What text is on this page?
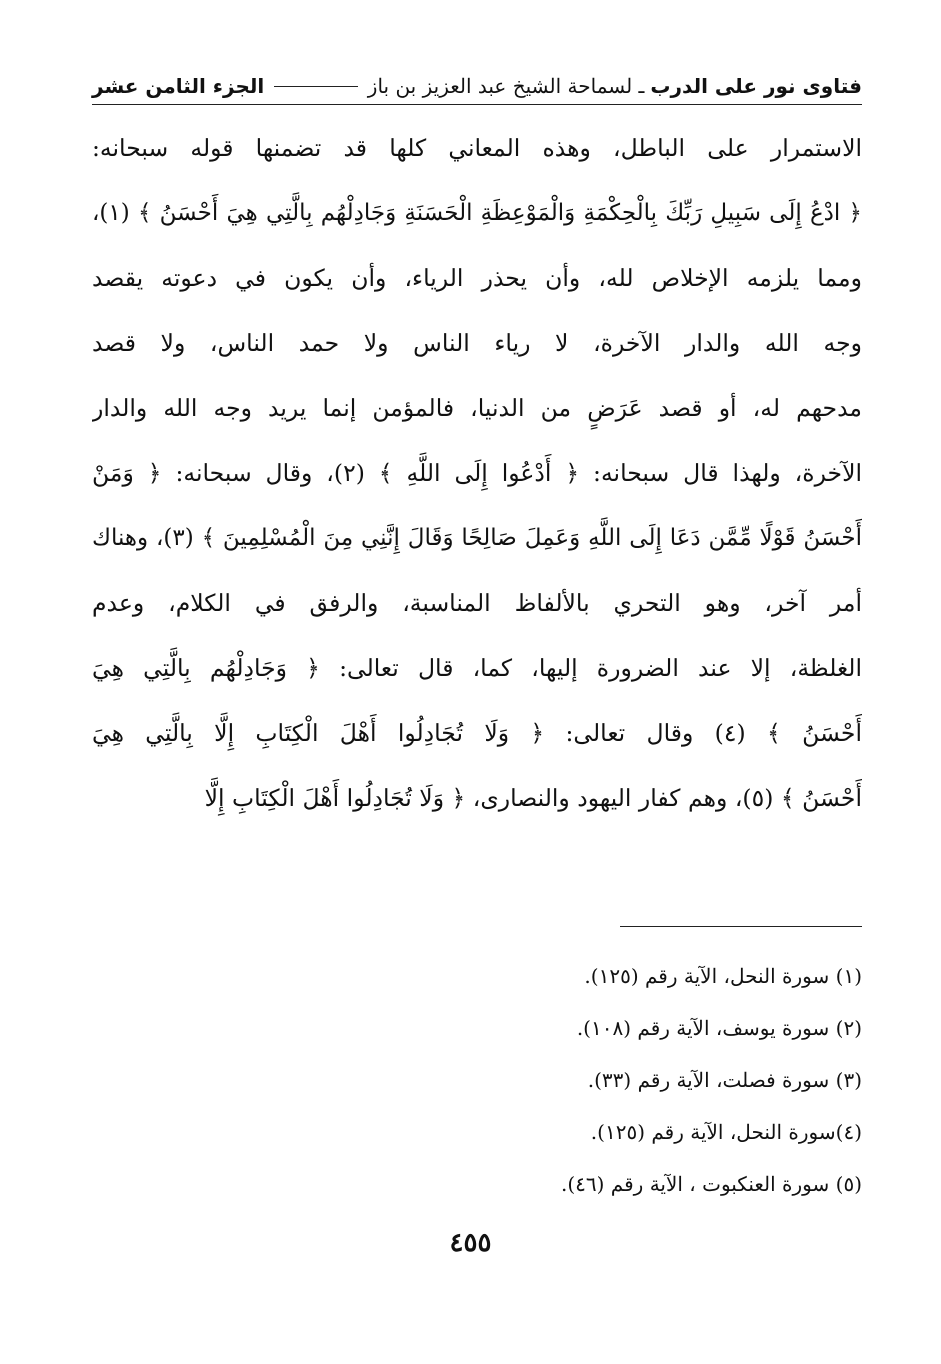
فتاوى نور على الدرب
ـ لسماحة الشيخ عبد العزيز بن باز
الجزء الثامن عشر
الاستمرار على الباطل، وهذه المعاني كلها قد تضمنها قوله سبحانه:
﴿ ادْعُ إِلَى سَبِيلِ رَبِّكَ بِالْحِكْمَةِ وَالْمَوْعِظَةِ الْحَسَنَةِ وَجَادِلْهُم بِالَّتِي هِيَ أَحْسَنُ ﴾ (١)،
ومما يلزمه الإخلاص لله، وأن يحذر الرياء، وأن يكون في دعوته يقصد
وجه الله والدار الآخرة، لا رياء الناس ولا حمد الناس، ولا قصد
مدحهم له، أو قصد عَرَضٍ من الدنيا، فالمؤمن إنما يريد وجه الله والدار
الآخرة، ولهذا قال سبحانه: ﴿ أَدْعُوا إِلَى اللَّهِ ﴾ (٢)، وقال سبحانه: ﴿ وَمَنْ
أَحْسَنُ قَوْلًا مِّمَّن دَعَا إِلَى اللَّهِ وَعَمِلَ صَالِحًا وَقَالَ إِنَّنِي مِنَ الْمُسْلِمِينَ ﴾ (٣)، وهناك
أمر آخر، وهو التحري بالألفاظ المناسبة، والرفق في الكلام، وعدم
الغلظة، إلا عند الضرورة إليها، كما، قال تعالى: ﴿ وَجَادِلْهُم بِالَّتِي هِيَ
أَحْسَنُ ﴾ (٤) وقال تعالى: ﴿ وَلَا تُجَادِلُوا أَهْلَ الْكِتَابِ إِلَّا بِالَّتِي هِيَ
أَحْسَنُ ﴾ (٥)، وهم كفار اليهود والنصارى، ﴿ وَلَا تُجَادِلُوا أَهْلَ الْكِتَابِ إِلَّا
(١) سورة النحل، الآية رقم (١٢٥).
(٢) سورة يوسف، الآية رقم (١٠٨).
(٣) سورة فصلت، الآية رقم (٣٣).
(٤)سورة النحل، الآية رقم (١٢٥).
(٥) سورة العنكبوت ، الآية رقم (٤٦).
٤٥٥
